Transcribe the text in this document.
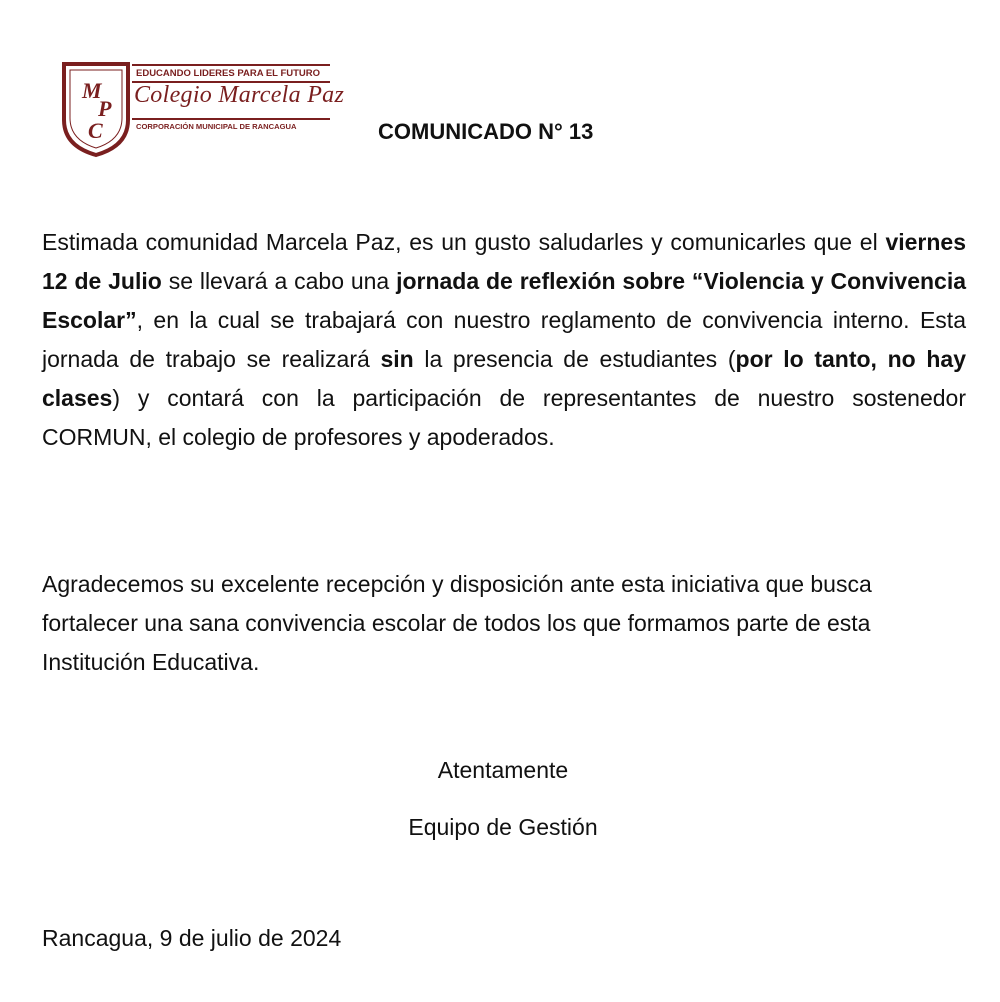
M
P
C
EDUCANDO LIDERES PARA EL FUTURO
Colegio Marcela Paz
CORPORACIÓN MUNICIPAL DE RANCAGUA	COMUNICADO N° 13

Estimada comunidad Marcela Paz, es un gusto saludarles y comunicarles que el viernes 12 de Julio se llevará a cabo una jornada de reflexión sobre “Violencia y Convivencia Escolar”, en la cual se trabajará con nuestro reglamento de convivencia interno. Esta jornada de trabajo se realizará sin la presencia de estudiantes (por lo tanto, no hay clases) y contará con la participación de representantes de nuestro sostenedor CORMUN, el colegio de profesores y apoderados.

Agradecemos su excelente recepción y disposición ante esta iniciativa que busca fortalecer una sana convivencia escolar de todos los que formamos parte de esta Institución Educativa.

Atentamente
Equipo de Gestión
Rancagua, 9 de julio de 2024
